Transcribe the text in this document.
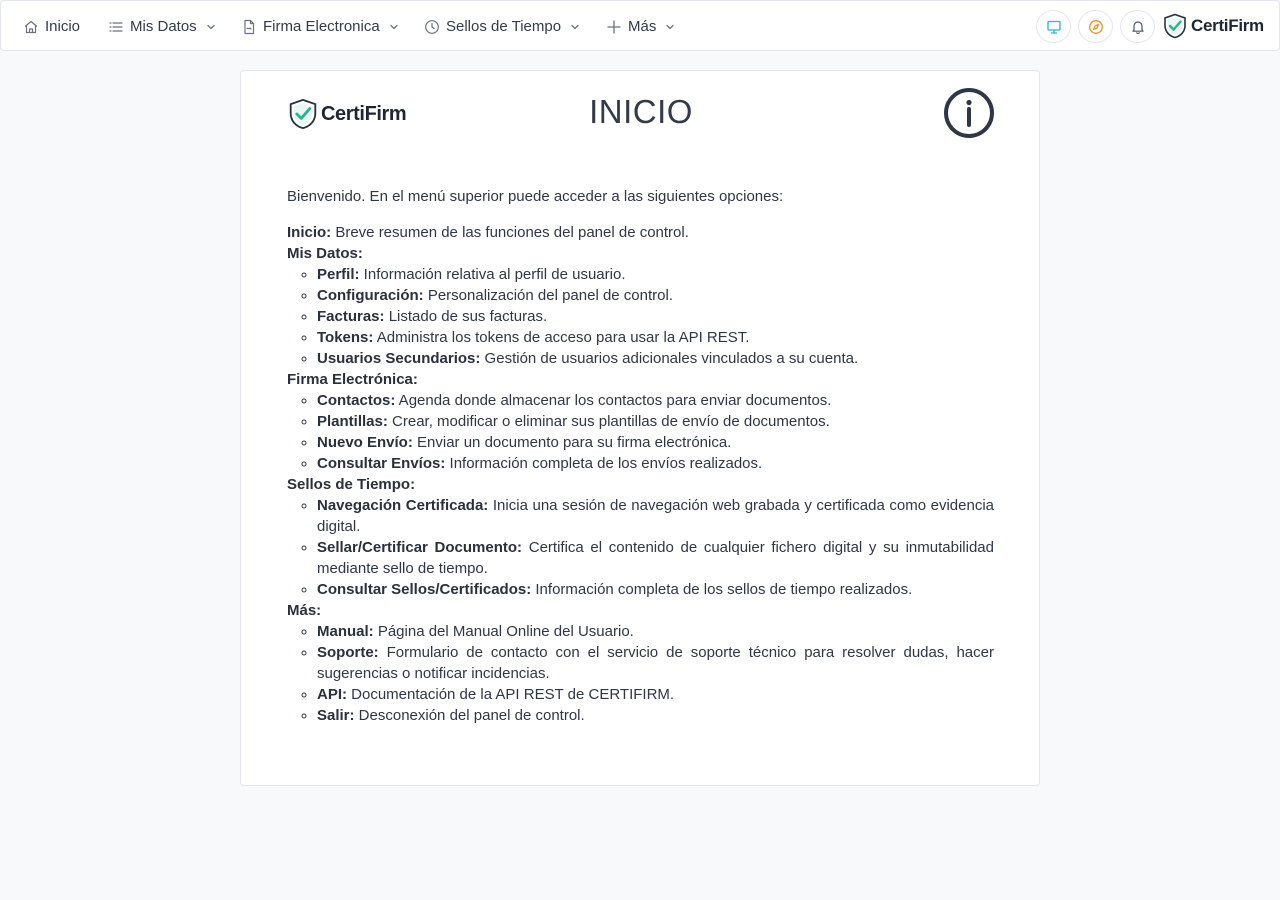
Inicio	Mis Datos	Firma Electronica	Sellos de Tiempo	Más	CertiFirm
CertiFirm	INICIO

Bienvenido. En el menú superior puede acceder a las siguientes opciones:

Inicio: Breve resumen de las funciones del panel de control.
Mis Datos:
◦ Perfil: Información relativa al perfil de usuario.
◦ Configuración: Personalización del panel de control.
◦ Facturas: Listado de sus facturas.
◦ Tokens: Administra los tokens de acceso para usar la API REST.
◦ Usuarios Secundarios: Gestión de usuarios adicionales vinculados a su cuenta.
Firma Electrónica:
◦ Contactos: Agenda donde almacenar los contactos para enviar documentos.
◦ Plantillas: Crear, modificar o eliminar sus plantillas de envío de documentos.
◦ Nuevo Envío: Enviar un documento para su firma electrónica.
◦ Consultar Envíos: Información completa de los envíos realizados.
Sellos de Tiempo:
◦ Navegación Certificada: Inicia una sesión de navegación web grabada y certificada como evidencia digital.
◦ Sellar/Certificar Documento: Certifica el contenido de cualquier fichero digital y su inmutabilidad mediante sello de tiempo.
◦ Consultar Sellos/Certificados: Información completa de los sellos de tiempo realizados.
Más:
◦ Manual: Página del Manual Online del Usuario.
◦ Soporte: Formulario de contacto con el servicio de soporte técnico para resolver dudas, hacer sugerencias o notificar incidencias.
◦ API: Documentación de la API REST de CERTIFIRM.
◦ Salir: Desconexión del panel de control.
